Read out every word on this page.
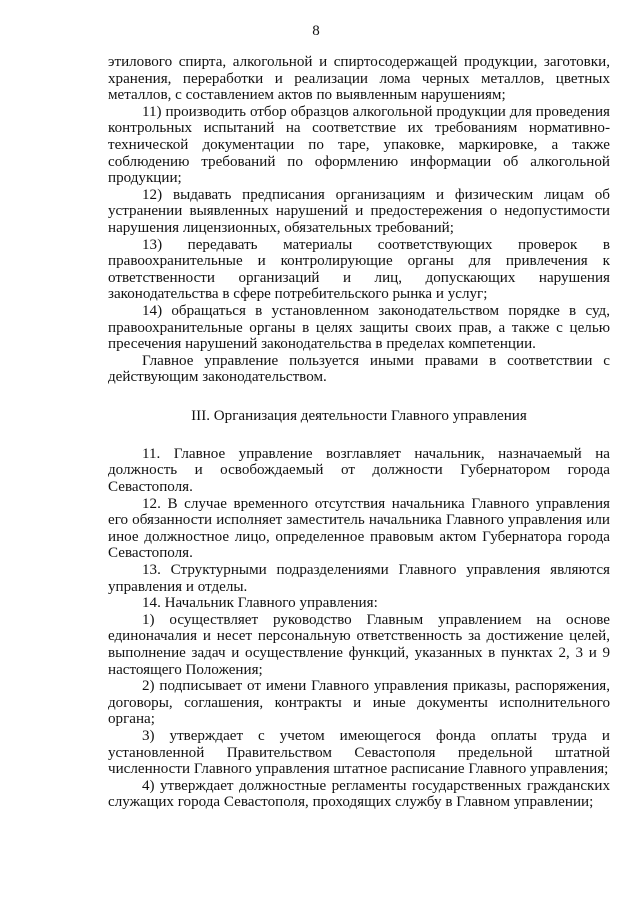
8

этилового спирта, алкогольной и спиртосодержащей продукции, заготовки, хранения, переработки и реализации лома черных металлов, цветных металлов, с составлением актов по выявленным нарушениям;

11) производить отбор образцов алкогольной продукции для проведения контрольных испытаний на соответствие их требованиям нормативно-технической документации по таре, упаковке, маркировке, а также соблюдению требований по оформлению информации об алкогольной продукции;

12) выдавать предписания организациям и физическим лицам об устранении выявленных нарушений и предостережения о недопустимости нарушения лицензионных, обязательных требований;

13) передавать материалы соответствующих проверок в правоохранительные и контролирующие органы для привлечения к ответственности организаций и лиц, допускающих нарушения законодательства в сфере потребительского рынка и услуг;

14) обращаться в установленном законодательством порядке в суд, правоохранительные органы в целях защиты своих прав, а также с целью пресечения нарушений законодательства в пределах компетенции.

Главное управление пользуется иными правами в соответствии с действующим законодательством.

III. Организация деятельности Главного управления

11. Главное управление возглавляет начальник, назначаемый на должность и освобождаемый от должности Губернатором города Севастополя.

12. В случае временного отсутствия начальника Главного управления его обязанности исполняет заместитель начальника Главного управления или иное должностное лицо, определенное правовым актом Губернатора города Севастополя.

13. Структурными подразделениями Главного управления являются управления и отделы.

14. Начальник Главного управления:

1) осуществляет руководство Главным управлением на основе единоначалия и несет персональную ответственность за достижение целей, выполнение задач и осуществление функций, указанных в пунктах 2, 3 и 9 настоящего Положения;

2) подписывает от имени Главного управления приказы, распоряжения, договоры, соглашения, контракты и иные документы исполнительного органа;

3) утверждает с учетом имеющегося фонда оплаты труда и установленной Правительством Севастополя предельной штатной численности Главного управления штатное расписание Главного управления;

4) утверждает должностные регламенты государственных гражданских служащих города Севастополя, проходящих службу в Главном управлении;
